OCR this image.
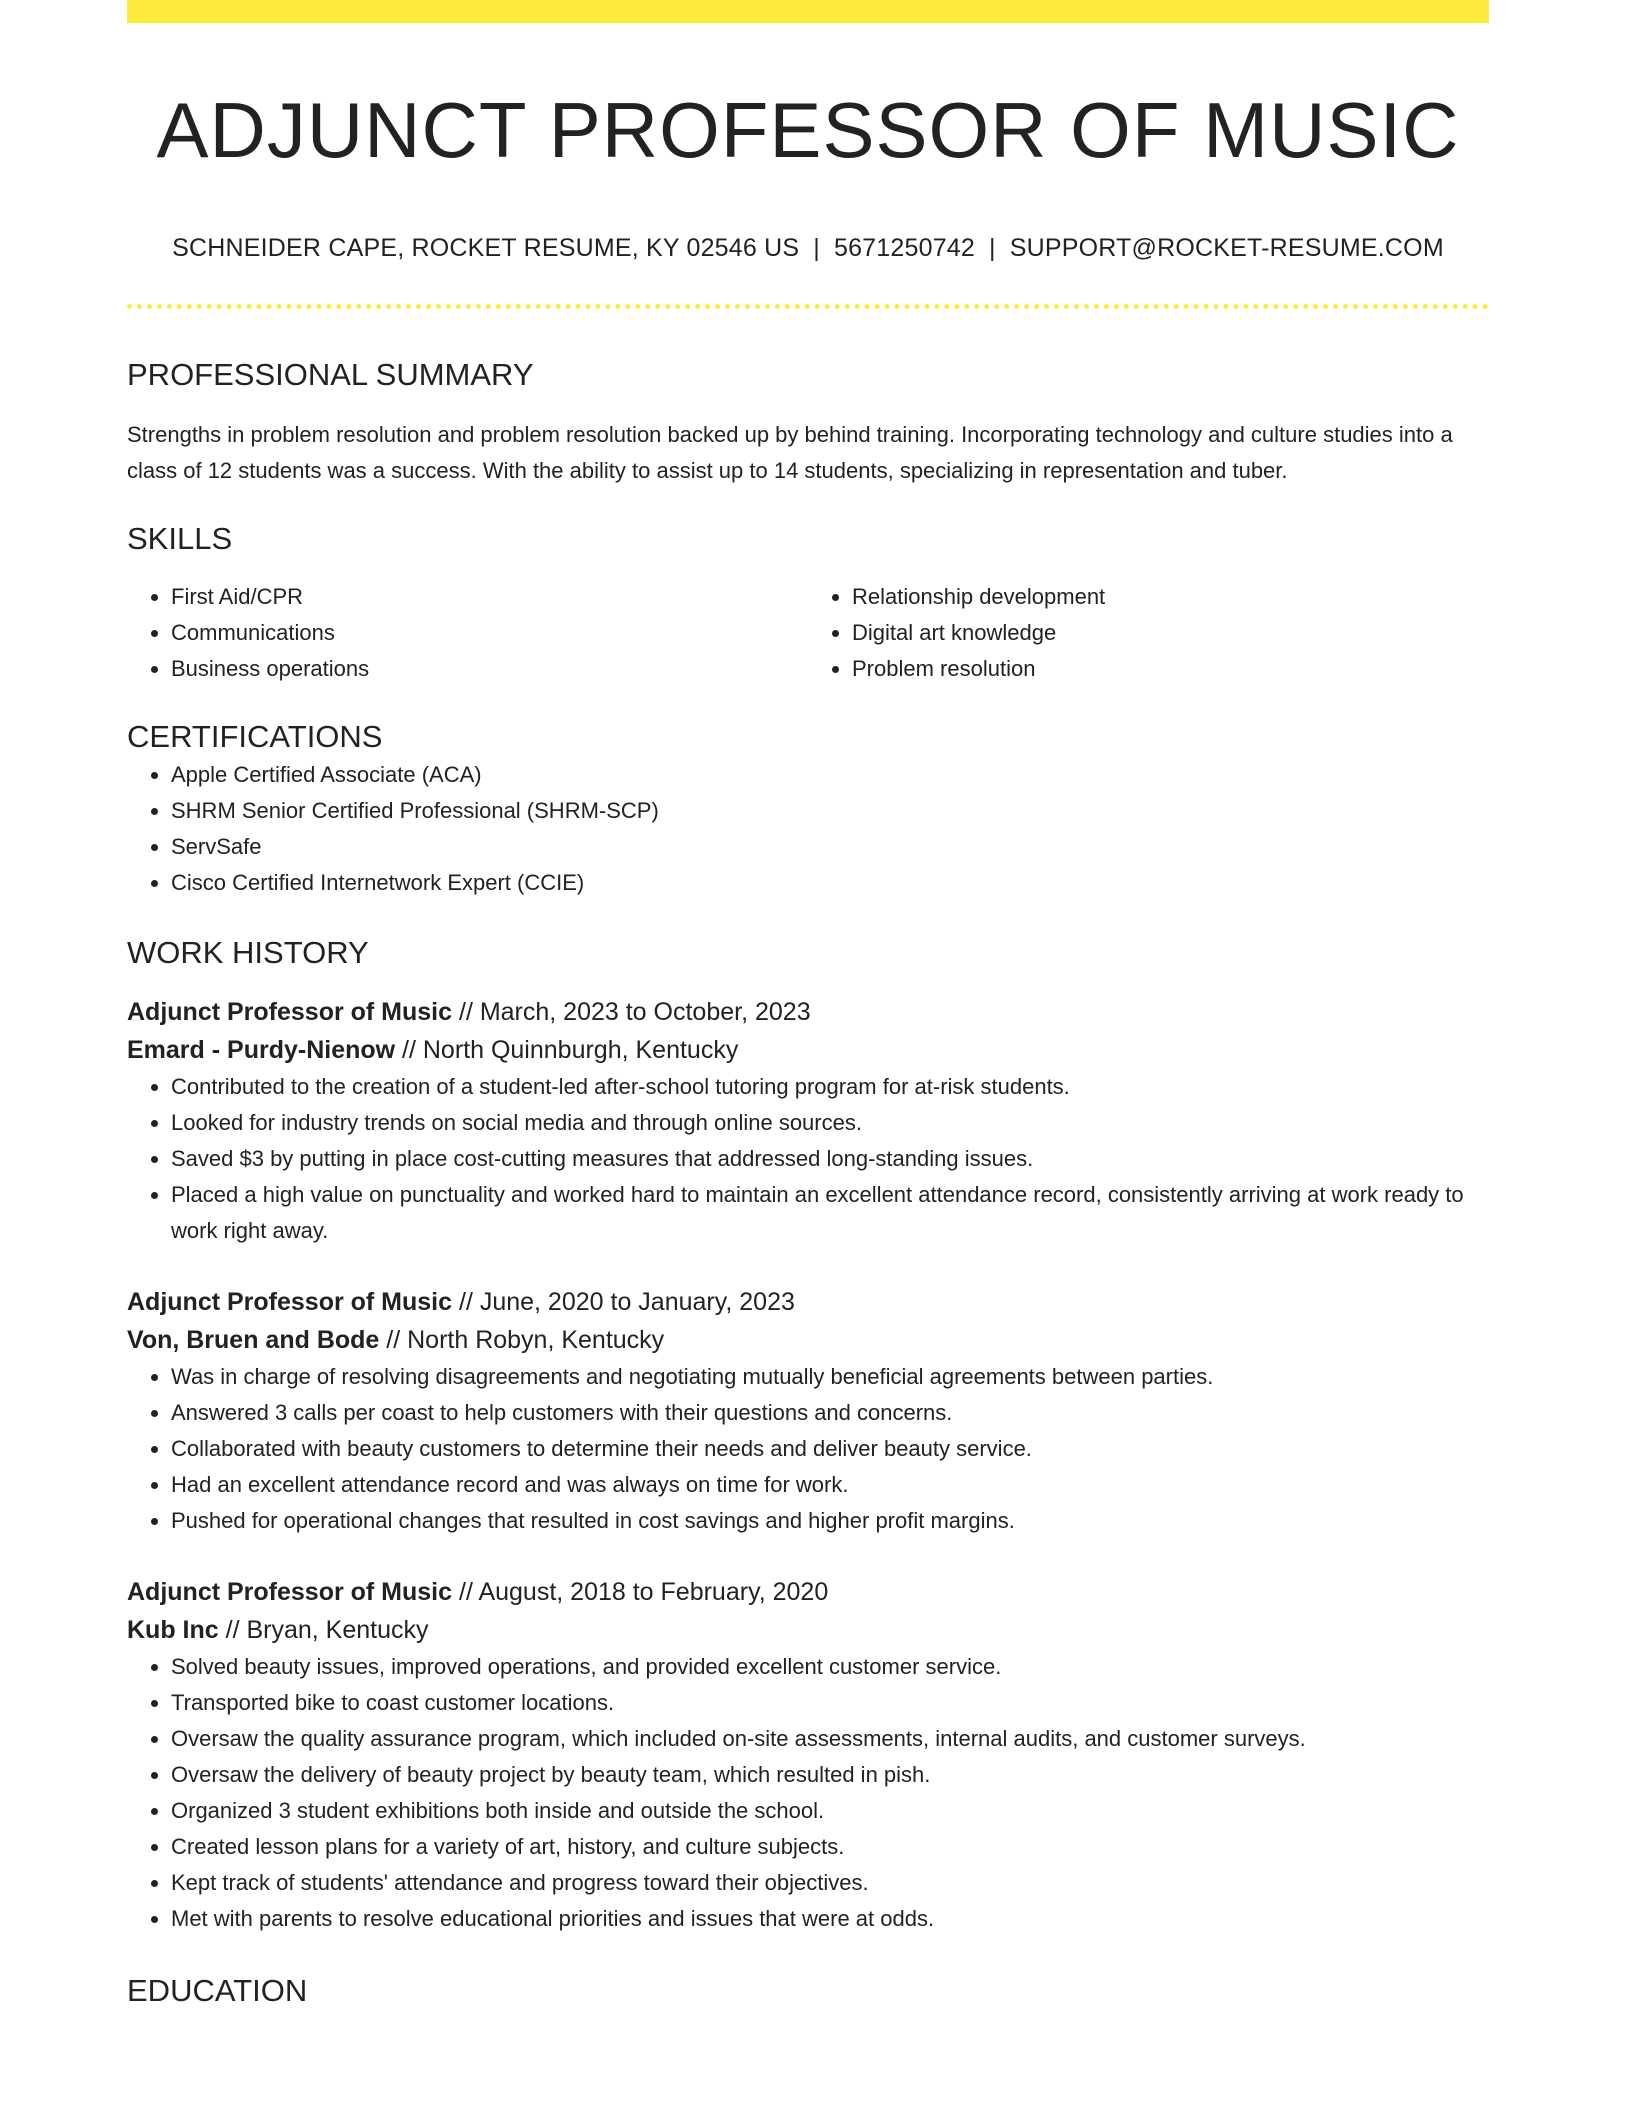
ADJUNCT PROFESSOR OF MUSIC
SCHNEIDER CAPE, ROCKET RESUME, KY 02546 US | 5671250742 | SUPPORT@ROCKET-RESUME.COM
PROFESSIONAL SUMMARY
Strengths in problem resolution and problem resolution backed up by behind training. Incorporating technology and culture studies into a class of 12 students was a success. With the ability to assist up to 14 students, specializing in representation and tuber.
SKILLS
• First Aid/CPR
• Communications
• Business operations
• Relationship development
• Digital art knowledge
• Problem resolution
CERTIFICATIONS
• Apple Certified Associate (ACA)
• SHRM Senior Certified Professional (SHRM-SCP)
• ServSafe
• Cisco Certified Internetwork Expert (CCIE)
WORK HISTORY
Adjunct Professor of Music // March, 2023 to October, 2023
Emard - Purdy-Nienow // North Quinnburgh, Kentucky
• Contributed to the creation of a student-led after-school tutoring program for at-risk students.
• Looked for industry trends on social media and through online sources.
• Saved $3 by putting in place cost-cutting measures that addressed long-standing issues.
• Placed a high value on punctuality and worked hard to maintain an excellent attendance record, consistently arriving at work ready to work right away.
Adjunct Professor of Music // June, 2020 to January, 2023
Von, Bruen and Bode // North Robyn, Kentucky
• Was in charge of resolving disagreements and negotiating mutually beneficial agreements between parties.
• Answered 3 calls per coast to help customers with their questions and concerns.
• Collaborated with beauty customers to determine their needs and deliver beauty service.
• Had an excellent attendance record and was always on time for work.
• Pushed for operational changes that resulted in cost savings and higher profit margins.
Adjunct Professor of Music // August, 2018 to February, 2020
Kub Inc // Bryan, Kentucky
• Solved beauty issues, improved operations, and provided excellent customer service.
• Transported bike to coast customer locations.
• Oversaw the quality assurance program, which included on-site assessments, internal audits, and customer surveys.
• Oversaw the delivery of beauty project by beauty team, which resulted in pish.
• Organized 3 student exhibitions both inside and outside the school.
• Created lesson plans for a variety of art, history, and culture subjects.
• Kept track of students' attendance and progress toward their objectives.
• Met with parents to resolve educational priorities and issues that were at odds.
EDUCATION
